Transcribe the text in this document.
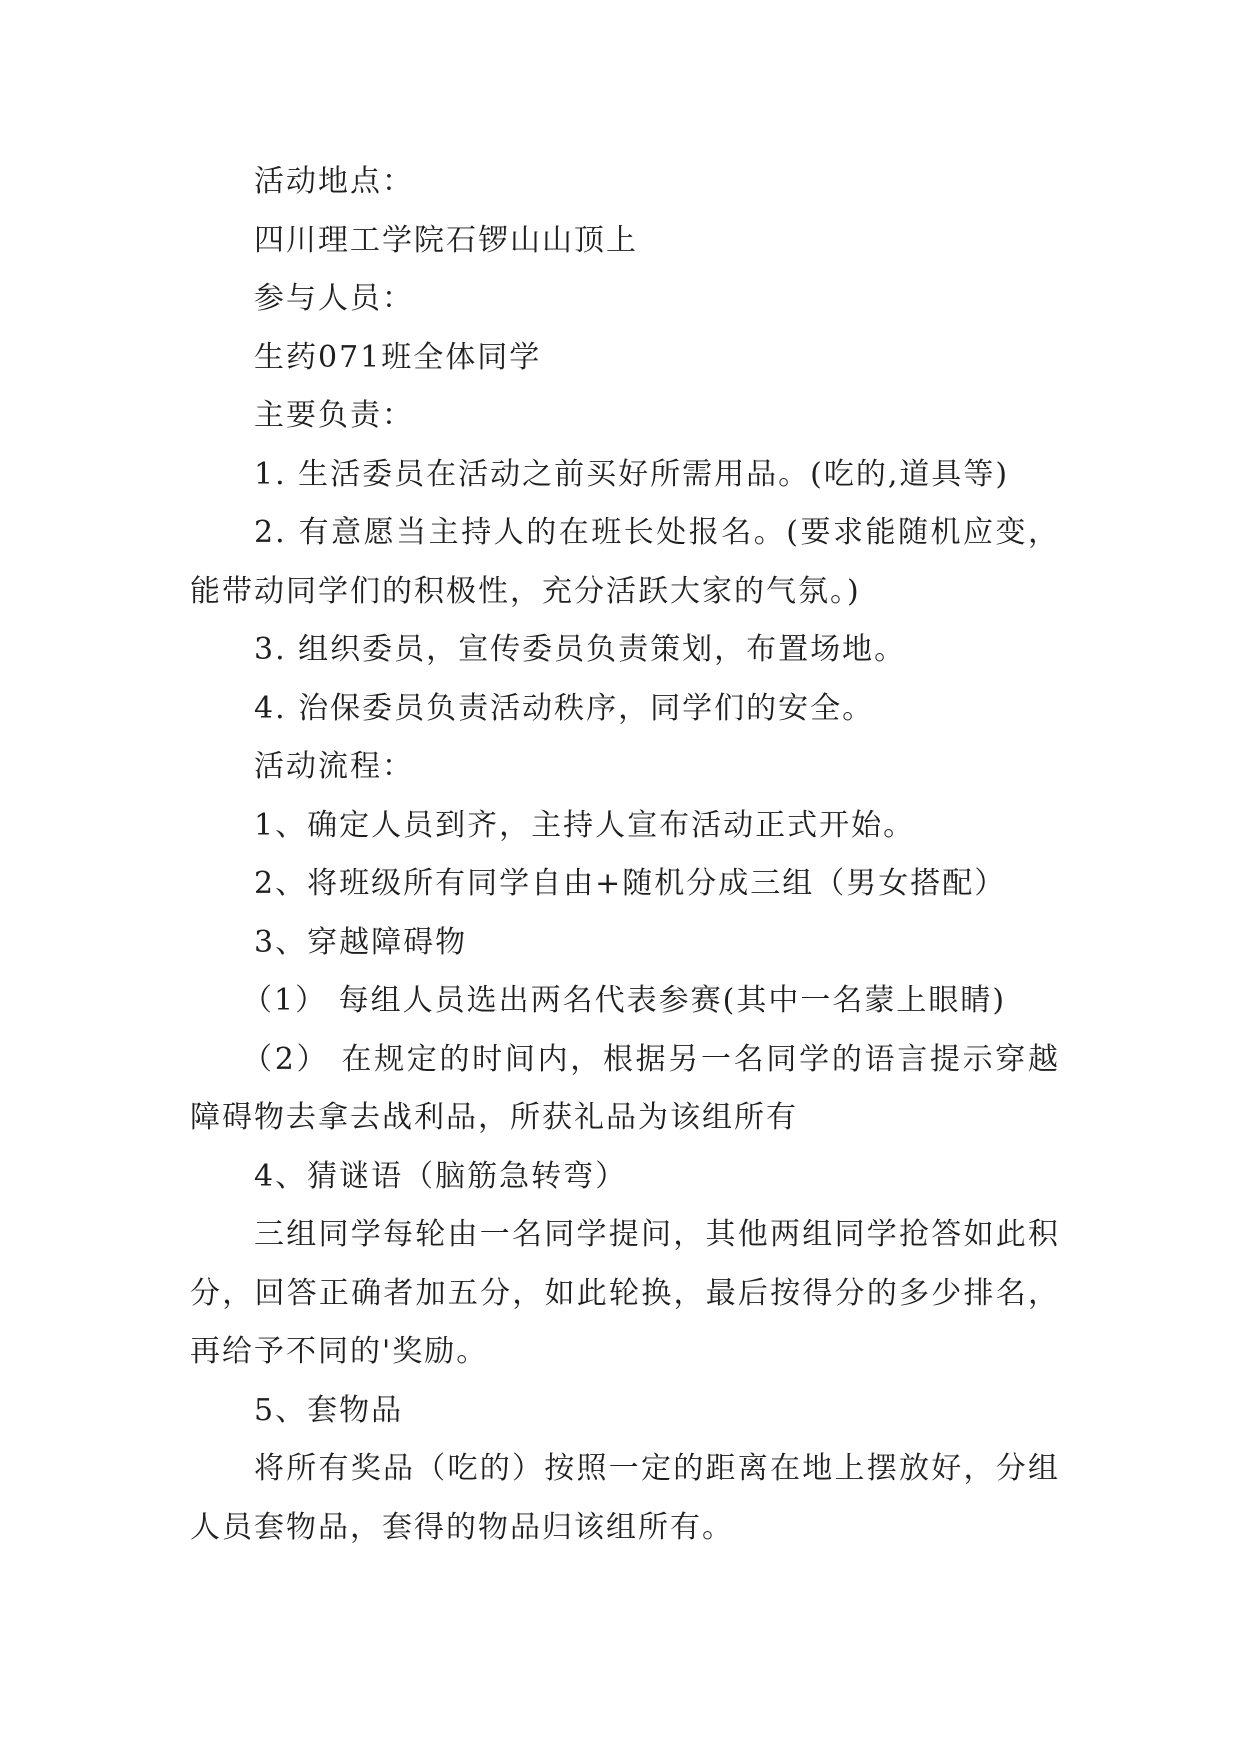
活动地点：

四川理工学院石锣山山顶上

参与人员：

生药071班全体同学

主要负责：

1. 生活委员在活动之前买好所需用品。(吃的,道具等)

2. 有意愿当主持人的在班长处报名。(要求能随机应变，能带动同学们的积极性，充分活跃大家的气氛。)

3. 组织委员，宣传委员负责策划，布置场地。

4. 治保委员负责活动秩序，同学们的安全。

活动流程：

1、确定人员到齐，主持人宣布活动正式开始。

2、将班级所有同学自由+随机分成三组（男女搭配）

3、穿越障碍物

（1） 每组人员选出两名代表参赛(其中一名蒙上眼睛)

（2） 在规定的时间内，根据另一名同学的语言提示穿越障碍物去拿去战利品，所获礼品为该组所有

4、猜谜语（脑筋急转弯）

三组同学每轮由一名同学提问，其他两组同学抢答如此积分，回答正确者加五分，如此轮换，最后按得分的多少排名，再给予不同的'奖励。

5、套物品

将所有奖品（吃的）按照一定的距离在地上摆放好，分组人员套物品，套得的物品归该组所有。
